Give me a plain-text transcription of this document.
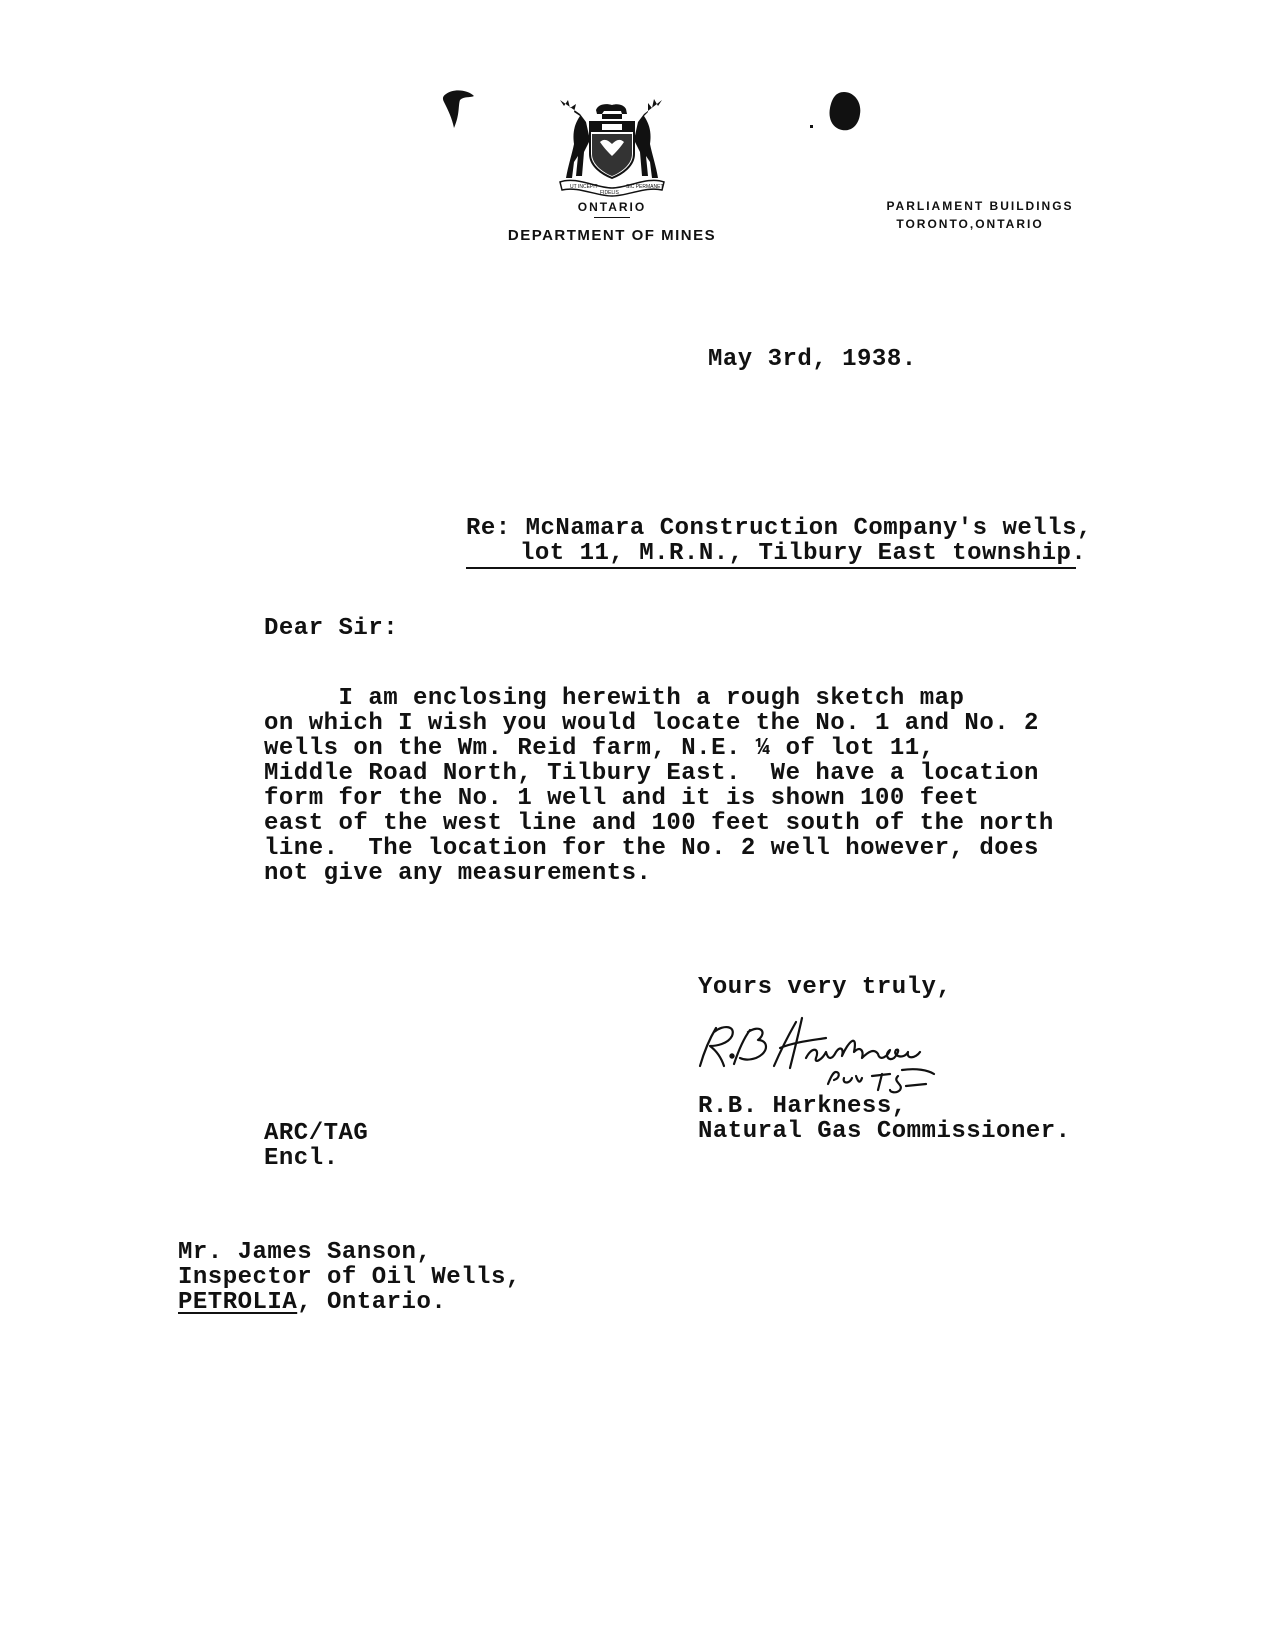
UT INCEPIT
FIDELIS
SIC PERMANET
ONTARIO
DEPARTMENT OF MINES
PARLIAMENT BUILDINGS
TORONTO,ONTARIO
May 3rd, 1938.
Re: McNamara Construction Company's wells,
lot 11, M.R.N., Tilbury East township.
Dear Sir:
I am enclosing herewith a rough sketch map
on which I wish you would locate the No. 1 and No. 2
wells on the Wm. Reid farm, N.E. ¼ of lot 11,
Middle Road North, Tilbury East.  We have a location
form for the No. 1 well and it is shown 100 feet
east of the west line and 100 feet south of the north
line.  The location for the No. 2 well however, does
not give any measurements.
Yours very truly,
R.B. Harkness,
Natural Gas Commissioner.
ARC/TAG
Encl.
Mr. James Sanson,
Inspector of Oil Wells,
PETROLIA, Ontario.
